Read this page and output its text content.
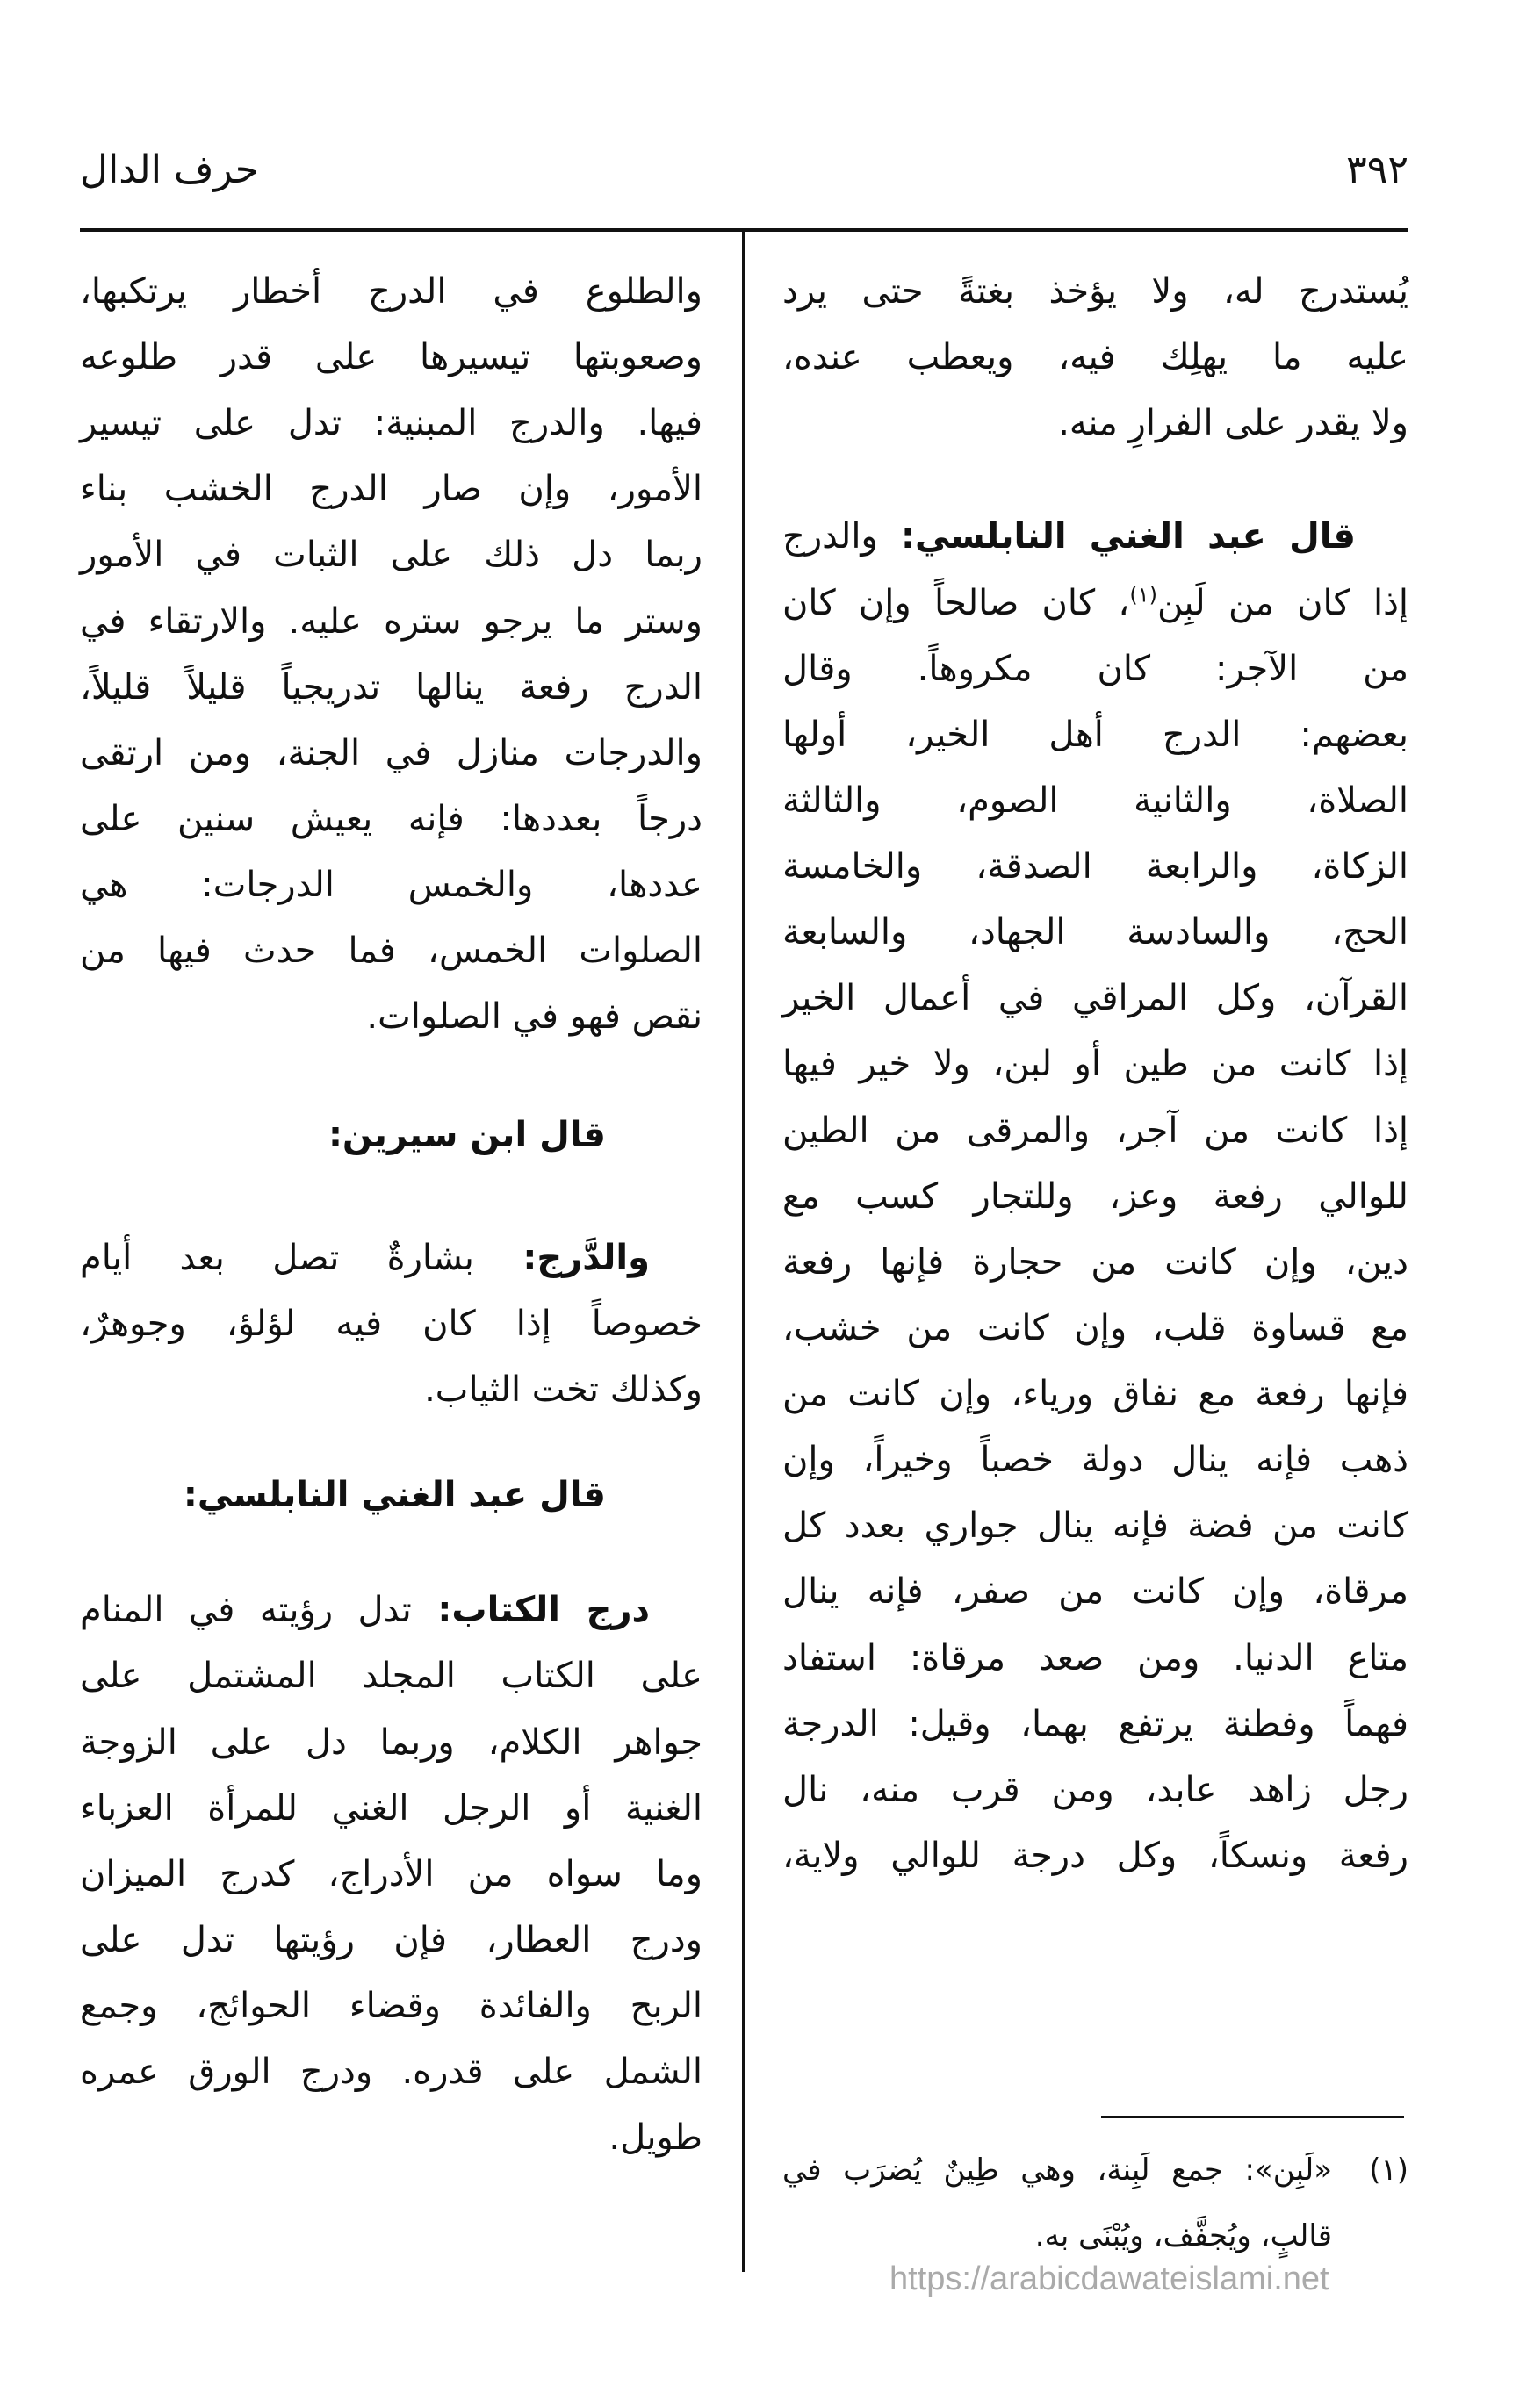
٣٩٢
حرف الدال
يُستدرج له، ولا يؤخذ بغتةً حتى يرد
عليه ما يهلِك فيه، ويعطب عنده،
ولا يقدر على الفرارِ منه.
قال عبد الغني النابلسي: والدرج
إذا كان من لَبِن$^{(١)}$، كان صالحاً وإن كان
من الآجر: كان مكروهاً. وقال
بعضهم: الدرج أهل الخير، أولها
الصلاة، والثانية الصوم، والثالثة
الزكاة، والرابعة الصدقة، والخامسة
الحج، والسادسة الجهاد، والسابعة
القرآن، وكل المراقي في أعمال الخير
إذا كانت من طين أو لبن، ولا خير فيها
إذا كانت من آجر، والمرقى من الطين
للوالي رفعة وعز، وللتجار كسب مع
دين، وإن كانت من حجارة فإنها رفعة
مع قساوة قلب، وإن كانت من خشب،
فإنها رفعة مع نفاق ورياء، وإن كانت من
ذهب فإنه ينال دولة خصباً وخيراً، وإن
كانت من فضة فإنه ينال جواري بعدد كل
مرقاة، وإن كانت من صفر، فإنه ينال
متاع الدنيا. ومن صعد مرقاة: استفاد
فهماً وفطنة يرتفع بهما، وقيل: الدرجة
رجل زاهد عابد، ومن قرب منه، نال
رفعة ونسكاً، وكل درجة للوالي ولاية،
والطلوع في الدرج أخطار يرتكبها،
وصعوبتها تيسيرها على قدر طلوعه
فيها. والدرج المبنية: تدل على تيسير
الأمور، وإن صار الدرج الخشب بناء
ربما دل ذلك على الثبات في الأمور
وستر ما يرجو ستره عليه. والارتقاء في
الدرج رفعة ينالها تدريجياً قليلاً قليلاً،
والدرجات منازل في الجنة، ومن ارتقى
درجاً بعددها: فإنه يعيش سنين على
عددها، والخمس الدرجات: هي
الصلوات الخمس، فما حدث فيها من
نقص فهو في الصلوات.
قال ابن سيرين:
والدَّرج: بشارةٌ تصل بعد أيام
خصوصاً إذا كان فيه لؤلؤ، وجوهرٌ،
وكذلك تخت الثياب.
قال عبد الغني النابلسي:
درج الكتاب: تدل رؤيته في المنام
على الكتاب المجلد المشتمل على
جواهر الكلام، وربما دل على الزوجة
الغنية أو الرجل الغني للمرأة العزباء
وما سواه من الأدراج، كدرج الميزان
ودرج العطار، فإن رؤيتها تدل على
الربح والفائدة وقضاء الحوائج، وجمع
الشمل على قدره. ودرج الورق عمره
طويل.
(١)
«لَبِن»: جمع لَبِنة، وهي طِينٌ يُضرَب في
قالبٍ، ويُجفَّف، ويُبْنَى به.
https://arabicdawateislami.net
